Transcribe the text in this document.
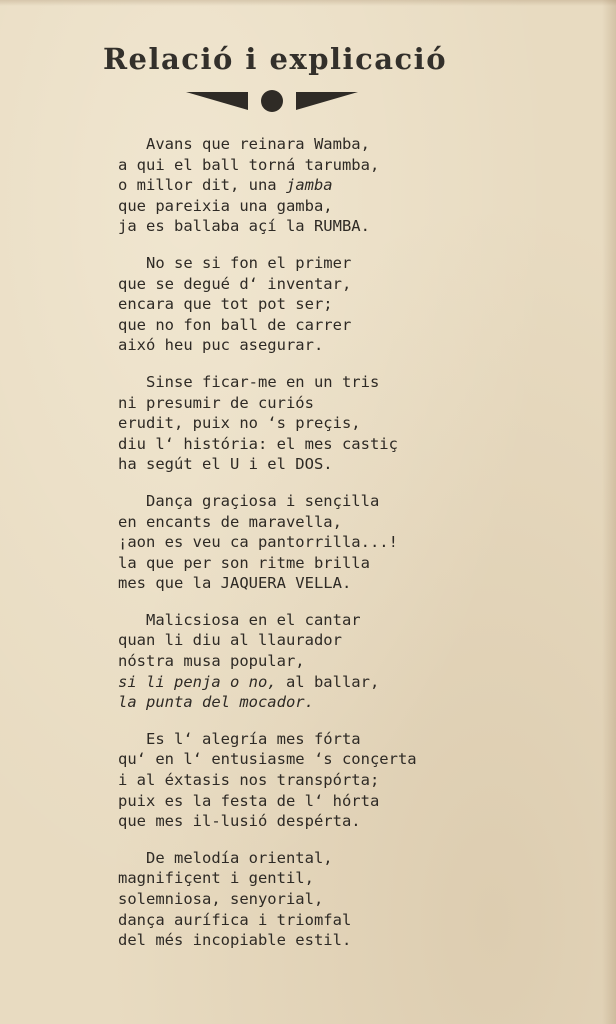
Relació i explicació
Avans que reinara Wamba,
a qui el ball torná tarumba,
o millor dit, una jamba
que pareixia una gamba,
ja es ballaba açí la RUMBA.
No se si fon el primer
que se degué d‘ inventar,
encara que tot pot ser;
que no fon ball de carrer
aixó heu puc asegurar.
Sinse ficar-me en un tris
ni presumir de curiós
erudit, puix no ‘s preçis,
diu l‘ história: el mes castiç
ha segút el U i el DOS.
Dança graçiosa i sençilla
en encants de maravella,
¡aon es veu ca pantorrilla...!
la que per son ritme brilla
mes que la JAQUERA VELLA.
Malicsiosa en el cantar
quan li diu al llaurador
nóstra musa popular,
si li penja o no, al ballar,
la punta del mocador.
Es l‘ alegría mes fórta
qu‘ en l‘ entusiasme ‘s conçerta
i al éxtasis nos transpórta;
puix es la festa de l‘ hórta
que mes il-lusió despérta.
De melodía oriental,
magnifiçent i gentil,
solemniosa, senyorial,
dança aurífica i triomfal
del més incopiable estil.
